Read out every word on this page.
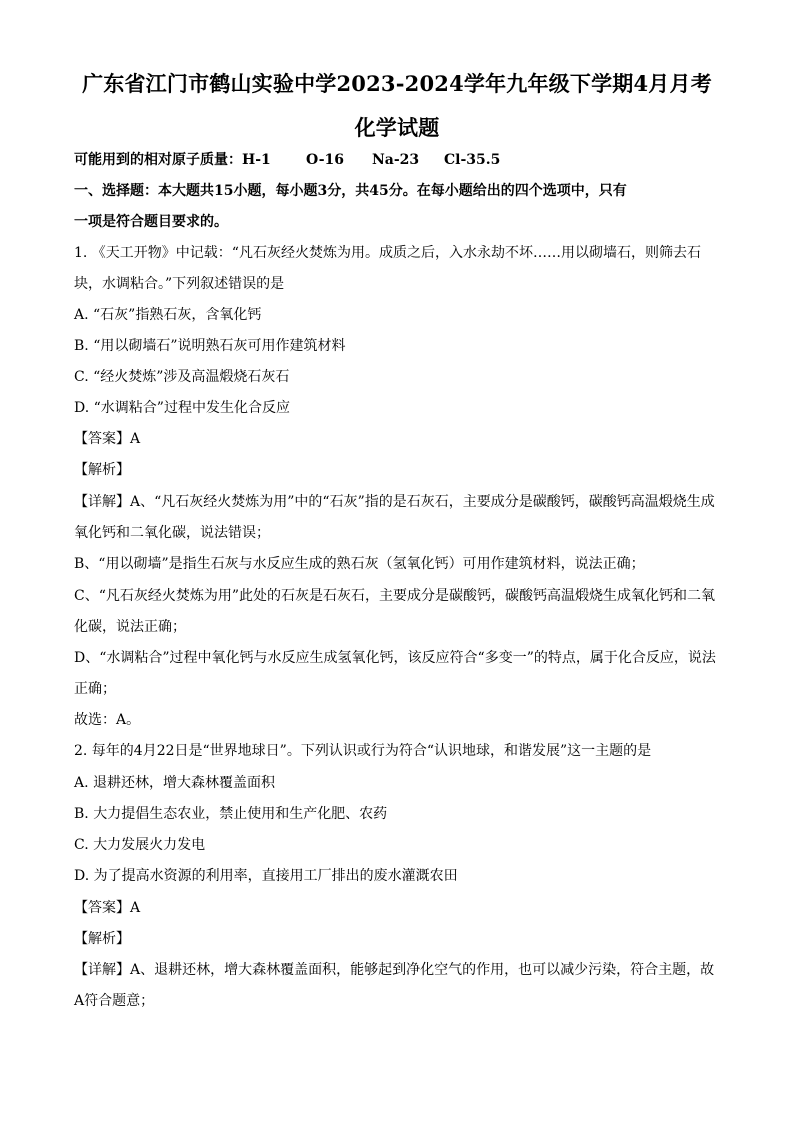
广东省江门市鹤山实验中学2023-2024学年九年级下学期4月月考
化学试题
可能用到的相对原子质量： H-1	O-16	Na-23	Cl-35.5
一、选择题：本大题共15小题，每小题3分，共45分。在每小题给出的四个选项中，只有
一项是符合题目要求的。
1. 《天工开物》中记载：“凡石灰经火焚炼为用。成质之后，入水永劫不坏……用以砌墙石，则筛去石
块，水调粘合。”下列叙述错误的是
A. “石灰”指熟石灰，含氧化钙
B. “用以砌墙石”说明熟石灰可用作建筑材料
C. “经火焚炼”涉及高温煅烧石灰石
D. “水调粘合”过程中发生化合反应
【答案】A
【解析】
【详解】A、“凡石灰经火焚炼为用”中的“石灰”指的是石灰石，主要成分是碳酸钙，碳酸钙高温煅烧生成
氧化钙和二氧化碳，说法错误；
B、“用以砌墙”是指生石灰与水反应生成的熟石灰（氢氧化钙）可用作建筑材料，说法正确；
C、“凡石灰经火焚炼为用”此处的石灰是石灰石，主要成分是碳酸钙，碳酸钙高温煅烧生成氧化钙和二氧
化碳，说法正确；
D、“水调粘合”过程中氧化钙与水反应生成氢氧化钙，该反应符合“多变一”的特点，属于化合反应，说法
正确；
故选：A。
2. 每年的4月22日是“世界地球日”。下列认识或行为符合“认识地球，和谐发展”这一主题的是
A. 退耕还林，增大森林覆盖面积
B. 大力提倡生态农业，禁止使用和生产化肥、农药
C. 大力发展火力发电
D. 为了提高水资源的利用率，直接用工厂排出的废水灌溉农田
【答案】A
【解析】
【详解】A、退耕还林，增大森林覆盖面积，能够起到净化空气的作用，也可以减少污染，符合主题，故
A符合题意；
